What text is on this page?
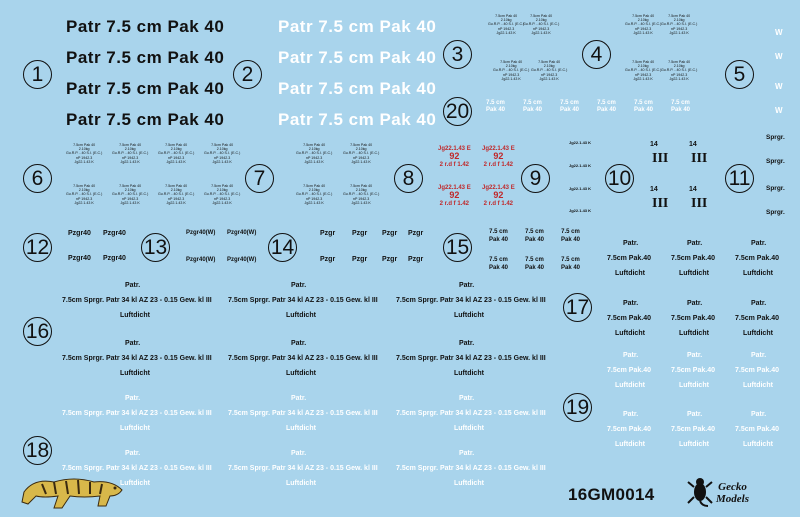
Patr 7.5 cm Pak 40
Patr 7.5 cm Pak 40
Patr 7.5 cm Pak 40
Patr 7.5 cm Pak 40
Patr 7.5 cm Pak 40
Patr 7.5 cm Pak 40
Patr 7.5 cm Pak 40
Patr 7.5 cm Pak 40
1	2
3	4
5
6	7	8	9	10	11
12	13	14	15
16
17
18
19
20
7.5cm Pak 40
2.10kg
Gu.R.P. - 40 S.I. (E.C.)
nP 1942.3
Jg22.1.43 K
7.5cm Pak 40
2.10kg
Gu.R.P. - 40 S.I. (E.C.)
nP 1942.3
Jg22.1.43 K
7.5cm Pak 40
2.10kg
Gu.R.P. - 40 S.I. (E.C.)
nP 1942.3
Jg22.1.43 K
7.5cm Pak 40
2.10kg
Gu.R.P. - 40 S.I. (E.C.)
nP 1942.3
Jg22.1.43 K
7.5cm Pak 40
2.10kg
Gu.R.P. - 40 S.I. (E.C.)
nP 1942.3
Jg22.1.43 K
7.5cm Pak 40
2.10kg
Gu.R.P. - 40 S.I. (E.C.)
nP 1942.3
Jg22.1.43 K
7.5cm Pak 40
2.10kg
Gu.R.P. - 40 S.I. (E.C.)
nP 1942.3
Jg22.1.43 K
7.5cm Pak 40
2.10kg
Gu.R.P. - 40 S.I. (E.C.)
nP 1942.3
Jg22.1.43 K
7.5cm Pak 40
2.10kg
Gu.R.P. - 40 S.I. (E.C.)
nP 1942.3
Jg22.1.43 K
7.5cm Pak 40
2.10kg
Gu.R.P. - 40 S.I. (E.C.)
nP 1942.3
Jg22.1.43 K
7.5cm Pak 40
2.10kg
Gu.R.P. - 40 S.I. (E.C.)
nP 1942.3
Jg22.1.43 K
7.5cm Pak 40
2.10kg
Gu.R.P. - 40 S.I. (E.C.)
nP 1942.3
Jg22.1.43 K
7.5cm Pak 40
2.10kg
Gu.R.P. - 40 S.I. (E.C.)
nP 1942.3
Jg22.1.43 K
7.5cm Pak 40
2.10kg
Gu.R.P. - 40 S.I. (E.C.)
nP 1942.3
Jg22.1.43 K
7.5cm Pak 40
2.10kg
Gu.R.P. - 40 S.I. (E.C.)
nP 1942.3
Jg22.1.43 K
7.5cm Pak 40
2.10kg
Gu.R.P. - 40 S.I. (E.C.)
nP 1942.3
Jg22.1.43 K
7.5cm Pak 40
2.10kg
Gu.R.P. - 40 S.I. (E.C.)
nP 1942.3
Jg22.1.43 K
7.5cm Pak 40
2.10kg
Gu.R.P. - 40 S.I. (E.C.)
nP 1942.3
Jg22.1.43 K
7.5cm Pak 40
2.10kg
Gu.R.P. - 40 S.I. (E.C.)
nP 1942.3
Jg22.1.43 K
7.5cm Pak 40
2.10kg
Gu.R.P. - 40 S.I. (E.C.)
nP 1942.3
Jg22.1.43 K
W
W
W
W
7.5 cm
Pak 40
7.5 cm
Pak 40
7.5 cm
Pak 40
7.5 cm
Pak 40
7.5 cm
Pak 40
7.5 cm
Pak 40
Jg22.1.43 E
92
2 r.d f 1.42
Jg22.1.43 E
92
2 r.d f 1.42
Jg22.1.43 E
92
2 r.d f 1.42
Jg22.1.43 E
92
2 r.d f 1.42
Jg22.1.43 K
Jg22.1.43 K
Jg22.1.43 K
Jg22.1.43 K
14
III
14
III
14
III
14
III
Sprgr.
Sprgr.
Sprgr.
Sprgr.
Pzgr40 Pzgr40
Pzgr40 Pzgr40
Pzgr40(W) Pzgr40(W)
Pzgr40(W) Pzgr40(W)
Pzgr Pzgr Pzgr Pzgr
Pzgr Pzgr Pzgr Pzgr
7.5 cm
Pak 40
7.5 cm
Pak 40
7.5 cm
Pak 40
7.5 cm
Pak 40
7.5 cm
Pak 40
7.5 cm
Pak 40
Patr.
7.5cm Sprgr. Patr 34 kl AZ 23 - 0.15 Gew. kl III
Luftdicht
Patr.
7.5cm Sprgr. Patr 34 kl AZ 23 - 0.15 Gew. kl III
Luftdicht
Patr.
7.5cm Sprgr. Patr 34 kl AZ 23 - 0.15 Gew. kl III
Luftdicht
Patr.
7.5cm Sprgr. Patr 34 kl AZ 23 - 0.15 Gew. kl III
Luftdicht
Patr.
7.5cm Sprgr. Patr 34 kl AZ 23 - 0.15 Gew. kl III
Luftdicht
Patr.
7.5cm Sprgr. Patr 34 kl AZ 23 - 0.15 Gew. kl III
Luftdicht
Patr.
7.5cm Sprgr. Patr 34 kl AZ 23 - 0.15 Gew. kl III
Luftdicht
Patr.
7.5cm Sprgr. Patr 34 kl AZ 23 - 0.15 Gew. kl III
Luftdicht
Patr.
7.5cm Sprgr. Patr 34 kl AZ 23 - 0.15 Gew. kl III
Luftdicht
Patr.
7.5cm Sprgr. Patr 34 kl AZ 23 - 0.15 Gew. kl III
Luftdicht
Patr.
7.5cm Sprgr. Patr 34 kl AZ 23 - 0.15 Gew. kl III
Luftdicht
Patr.
7.5cm Sprgr. Patr 34 kl AZ 23 - 0.15 Gew. kl III
Luftdicht
Patr.
7.5cm Pak.40
Luftdicht
Patr.
7.5cm Pak.40
Luftdicht
Patr.
7.5cm Pak.40
Luftdicht
Patr.
7.5cm Pak.40
Luftdicht
Patr.
7.5cm Pak.40
Luftdicht
Patr.
7.5cm Pak.40
Luftdicht
Patr.
7.5cm Pak.40
Luftdicht
Patr.
7.5cm Pak.40
Luftdicht
Patr.
7.5cm Pak.40
Luftdicht
Patr.
7.5cm Pak.40
Luftdicht
Patr.
7.5cm Pak.40
Luftdicht
Patr.
7.5cm Pak.40
Luftdicht
16GM0014	Gecko
Models
